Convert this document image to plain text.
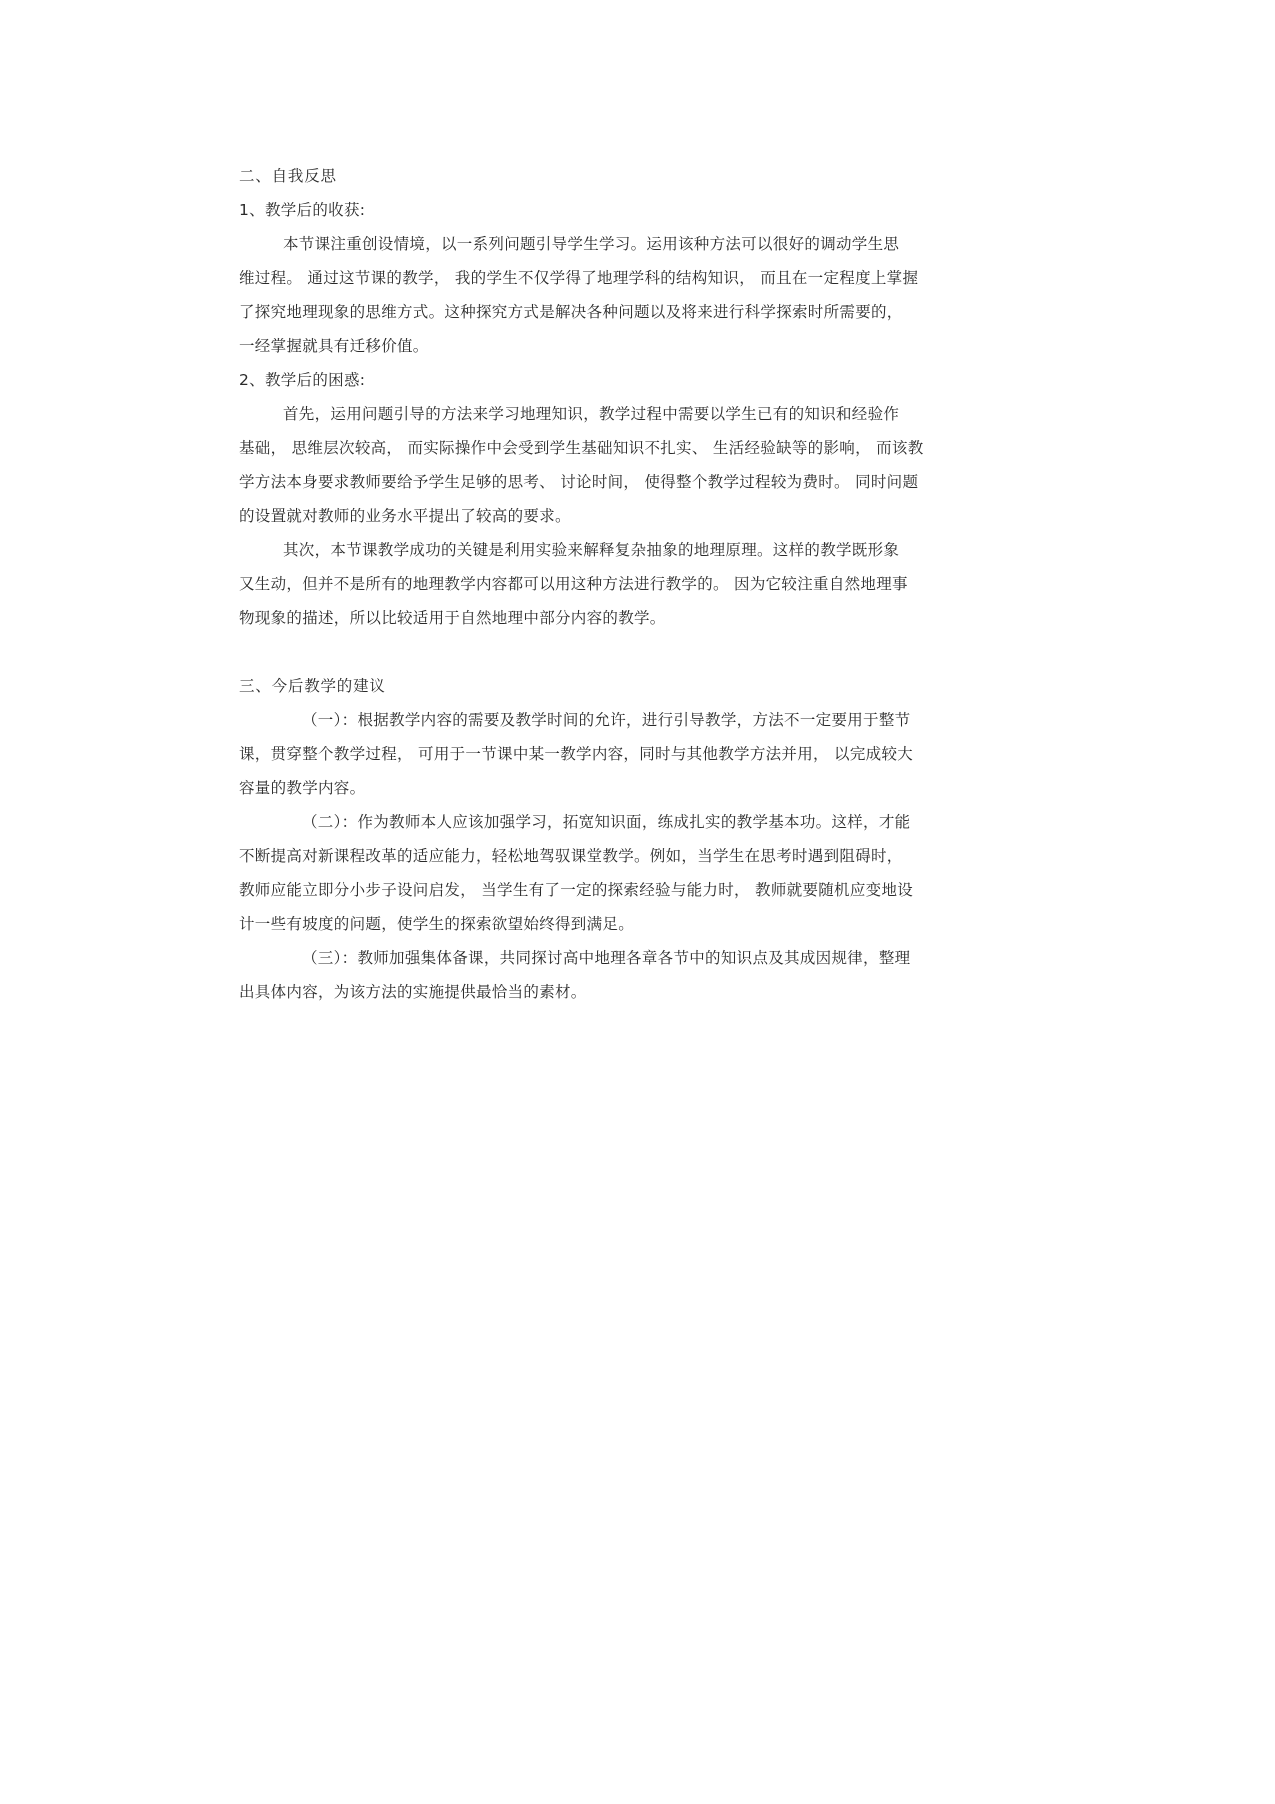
二、自我反思
1、教学后的收获:
本节课注重创设情境，以一系列问题引导学生学习。运用该种方法可以很好的调动学生思
维过程。 通过这节课的教学， 我的学生不仅学得了地理学科的结构知识， 而且在一定程度上掌握
了探究地理现象的思维方式。这种探究方式是解决各种问题以及将来进行科学探索时所需要的，
一经掌握就具有迁移价值。
2、教学后的困惑:
首先，运用问题引导的方法来学习地理知识，教学过程中需要以学生已有的知识和经验作
基础， 思维层次较高， 而实际操作中会受到学生基础知识不扎实、 生活经验缺等的影响， 而该教
学方法本身要求教师要给予学生足够的思考、 讨论时间， 使得整个教学过程较为费时。 同时问题
的设置就对教师的业务水平提出了较高的要求。
其次，本节课教学成功的关键是利用实验来解释复杂抽象的地理原理。这样的教学既形象
又生动，但并不是所有的地理教学内容都可以用这种方法进行教学的。 因为它较注重自然地理事
物现象的描述，所以比较适用于自然地理中部分内容的教学。
三、今后教学的建议
（一）：根据教学内容的需要及教学时间的允许，进行引导教学，方法不一定要用于整节
课，贯穿整个教学过程， 可用于一节课中某一教学内容，同时与其他教学方法并用， 以完成较大
容量的教学内容。
（二）：作为教师本人应该加强学习，拓宽知识面，练成扎实的教学基本功。这样，才能
不断提高对新课程改革的适应能力，轻松地驾驭课堂教学。例如，当学生在思考时遇到阻碍时，
教师应能立即分小步子设问启发， 当学生有了一定的探索经验与能力时， 教师就要随机应变地设
计一些有坡度的问题，使学生的探索欲望始终得到满足。
（三）：教师加强集体备课，共同探讨高中地理各章各节中的知识点及其成因规律，整理
出具体内容，为该方法的实施提供最恰当的素材。
